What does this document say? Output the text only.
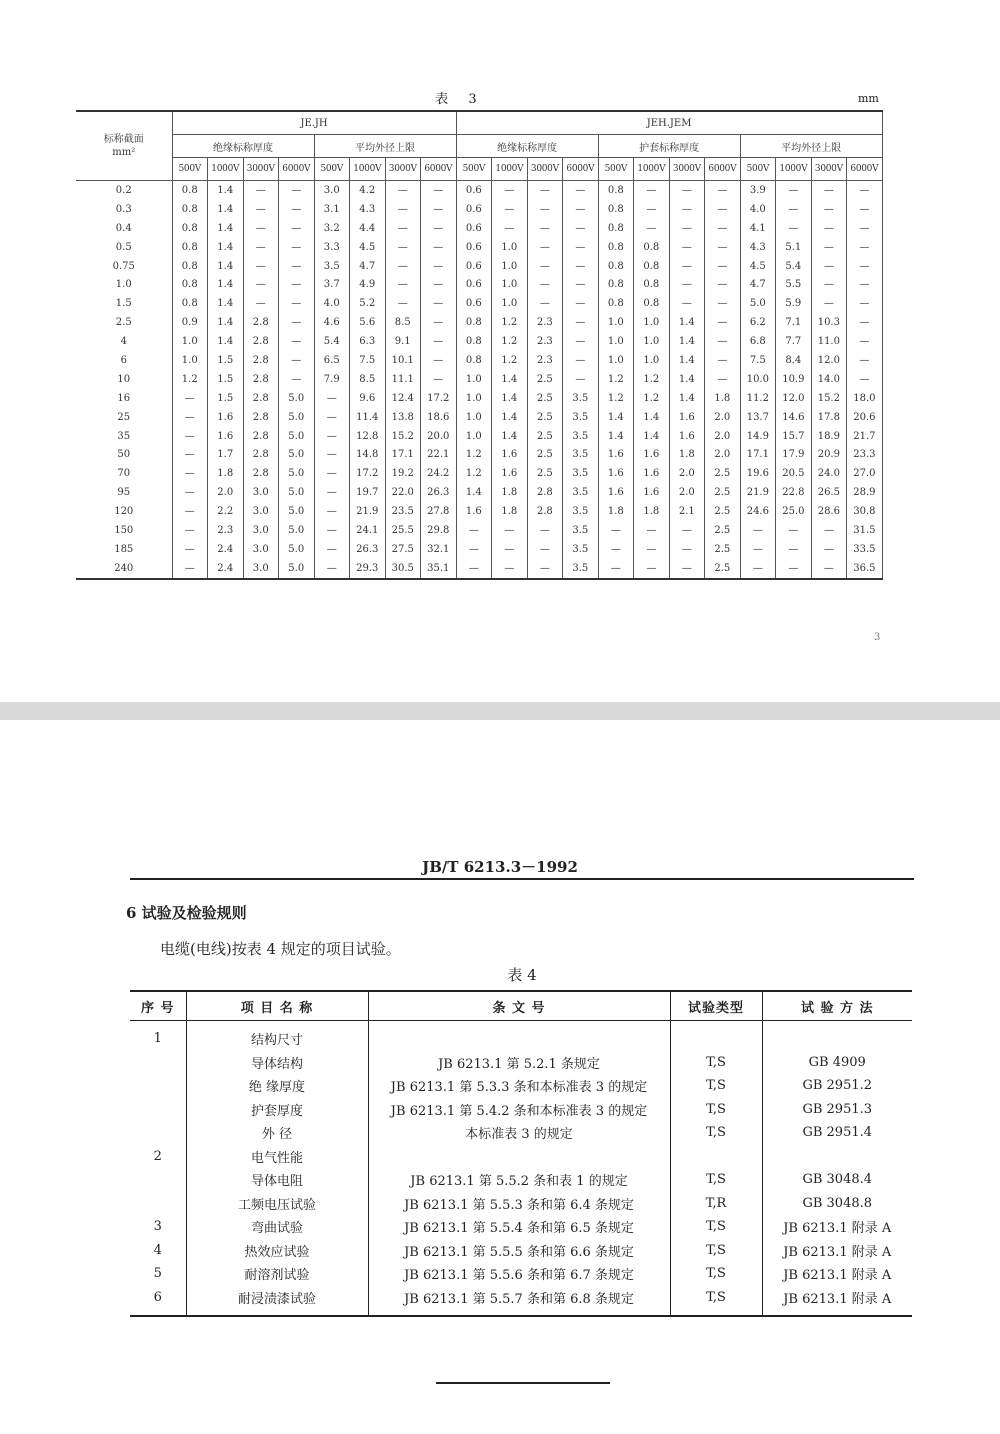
表 3	mm
标称截面
mm²	JE.JH								JEH.JEM											
	绝缘标称厚度				平均外径上限				绝缘标称厚度				护套标称厚度				平均外径上限			
	500V	1000V	3000V	6000V	500V	1000V	3000V	6000V	500V	1000V	3000V	6000V	500V	1000V	3000V	6000V	500V	1000V	3000V	6000V
0.2	0.8	1.4	—	—	3.0	4.2	—	—	0.6	—	—	—	0.8	—	—	—	3.9	—	—	—
0.3	0.8	1.4	—	—	3.1	4.3	—	—	0.6	—	—	—	0.8	—	—	—	4.0	—	—	—
0.4	0.8	1.4	—	—	3.2	4.4	—	—	0.6	—	—	—	0.8	—	—	—	4.1	—	—	—
0.5	0.8	1.4	—	—	3.3	4.5	—	—	0.6	1.0	—	—	0.8	0.8	—	—	4.3	5.1	—	—
0.75	0.8	1.4	—	—	3.5	4.7	—	—	0.6	1.0	—	—	0.8	0.8	—	—	4.5	5.4	—	—
1.0	0.8	1.4	—	—	3.7	4.9	—	—	0.6	1.0	—	—	0.8	0.8	—	—	4.7	5.5	—	—
1.5	0.8	1.4	—	—	4.0	5.2	—	—	0.6	1.0	—	—	0.8	0.8	—	—	5.0	5.9	—	—
2.5	0.9	1.4	2.8	—	4.6	5.6	8.5	—	0.8	1.2	2.3	—	1.0	1.0	1.4	—	6.2	7.1	10.3	—
4	1.0	1.4	2.8	—	5.4	6.3	9.1	—	0.8	1.2	2.3	—	1.0	1.0	1.4	—	6.8	7.7	11.0	—
6	1.0	1.5	2.8	—	6.5	7.5	10.1	—	0.8	1.2	2.3	—	1.0	1.0	1.4	—	7.5	8.4	12.0	—
10	1.2	1.5	2.8	—	7.9	8.5	11.1	—	1.0	1.4	2.5	—	1.2	1.2	1.4	—	10.0	10.9	14.0	—
16	—	1.5	2.8	5.0	—	9.6	12.4	17.2	1.0	1.4	2.5	3.5	1.2	1.2	1.4	1.8	11.2	12.0	15.2	18.0
25	—	1.6	2.8	5.0	—	11.4	13.8	18.6	1.0	1.4	2.5	3.5	1.4	1.4	1.6	2.0	13.7	14.6	17.8	20.6
35	—	1.6	2.8	5.0	—	12.8	15.2	20.0	1.0	1.4	2.5	3.5	1.4	1.4	1.6	2.0	14.9	15.7	18.9	21.7
50	—	1.7	2.8	5.0	—	14.8	17.1	22.1	1.2	1.6	2.5	3.5	1.6	1.6	1.8	2.0	17.1	17.9	20.9	23.3
70	—	1.8	2.8	5.0	—	17.2	19.2	24.2	1.2	1.6	2.5	3.5	1.6	1.6	2.0	2.5	19.6	20.5	24.0	27.0
95	—	2.0	3.0	5.0	—	19.7	22.0	26.3	1.4	1.8	2.8	3.5	1.6	1.6	2.0	2.5	21.9	22.8	26.5	28.9
120	—	2.2	3.0	5.0	—	21.9	23.5	27.8	1.6	1.8	2.8	3.5	1.8	1.8	2.1	2.5	24.6	25.0	28.6	30.8
150	—	2.3	3.0	5.0	—	24.1	25.5	29.8	—	—	—	3.5	—	—	—	2.5	—	—	—	31.5
185	—	2.4	3.0	5.0	—	26.3	27.5	32.1	—	—	—	3.5	—	—	—	2.5	—	—	—	33.5
240	—	2.4	3.0	5.0	—	29.3	30.5	35.1	—	—	—	3.5	—	—	—	2.5	—	—	—	36.5
3
JB/T 6213.3－1992
6 试验及检验规则
电缆(电线)按表 4 规定的项目试验。
表 4
序 号	项 目 名 称	条 文 号	试验类型	试 验 方 法
1	结构尺寸			
	导体结构	JB 6213.1 第 5.2.1 条规定	T,S	GB 4909
	绝 缘厚度	JB 6213.1 第 5.3.3 条和本标准表 3 的规定	T,S	GB 2951.2
	护套厚度	JB 6213.1 第 5.4.2 条和本标准表 3 的规定	T,S	GB 2951.3
	外 径	本标准表 3 的规定	T,S	GB 2951.4
2	电气性能			
	导体电阻	JB 6213.1 第 5.5.2 条和表 1 的规定	T,S	GB 3048.4
	工频电压试验	JB 6213.1 第 5.5.3 条和第 6.4 条规定	T,R	GB 3048.8
3	弯曲试验	JB 6213.1 第 5.5.4 条和第 6.5 条规定	T,S	JB 6213.1 附录 A
4	热效应试验	JB 6213.1 第 5.5.5 条和第 6.6 条规定	T,S	JB 6213.1 附录 A
5	耐溶剂试验	JB 6213.1 第 5.5.6 条和第 6.7 条规定	T,S	JB 6213.1 附录 A
6	耐浸渍漆试验	JB 6213.1 第 5.5.7 条和第 6.8 条规定	T,S	JB 6213.1 附录 A
